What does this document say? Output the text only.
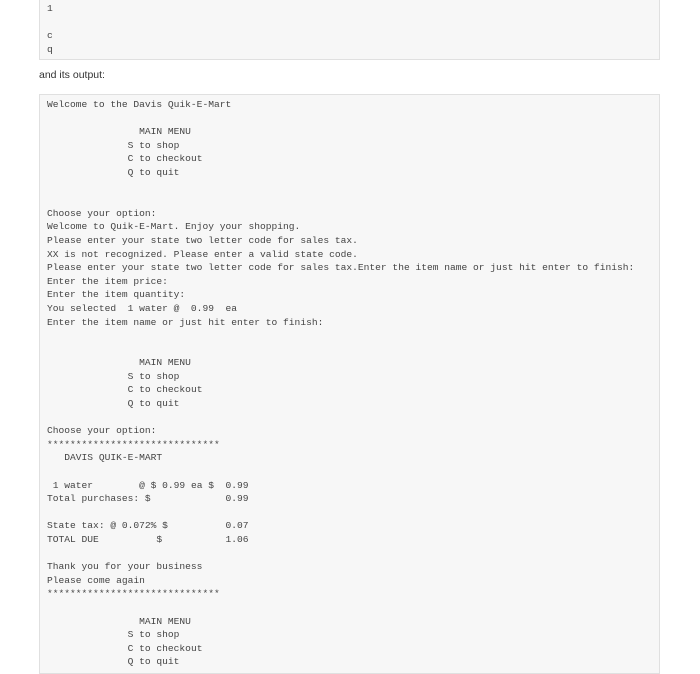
1

c
q
and its output:
Welcome to the Davis Quik-E-Mart

MAIN MENU
S to shop
C to checkout
Q to quit

Choose your option:
Welcome to Quik-E-Mart. Enjoy your shopping.
Please enter your state two letter code for sales tax.
XX is not recognized. Please enter a valid state code.
Please enter your state two letter code for sales tax.Enter the item name or just hit enter to finish:
Enter the item price:
Enter the item quantity:
You selected  1 water @  0.99  ea
Enter the item name or just hit enter to finish:

MAIN MENU
S to shop
C to checkout
Q to quit

Choose your option:
******************************
DAVIS QUIK-E-MART

1 water        @ $ 0.99 ea $  0.99
Total purchases: $             0.99

State tax: @ 0.072% $          0.07
TOTAL DUE          $           1.06

Thank you for your business
Please come again
******************************

MAIN MENU
S to shop
C to checkout
Q to quit
